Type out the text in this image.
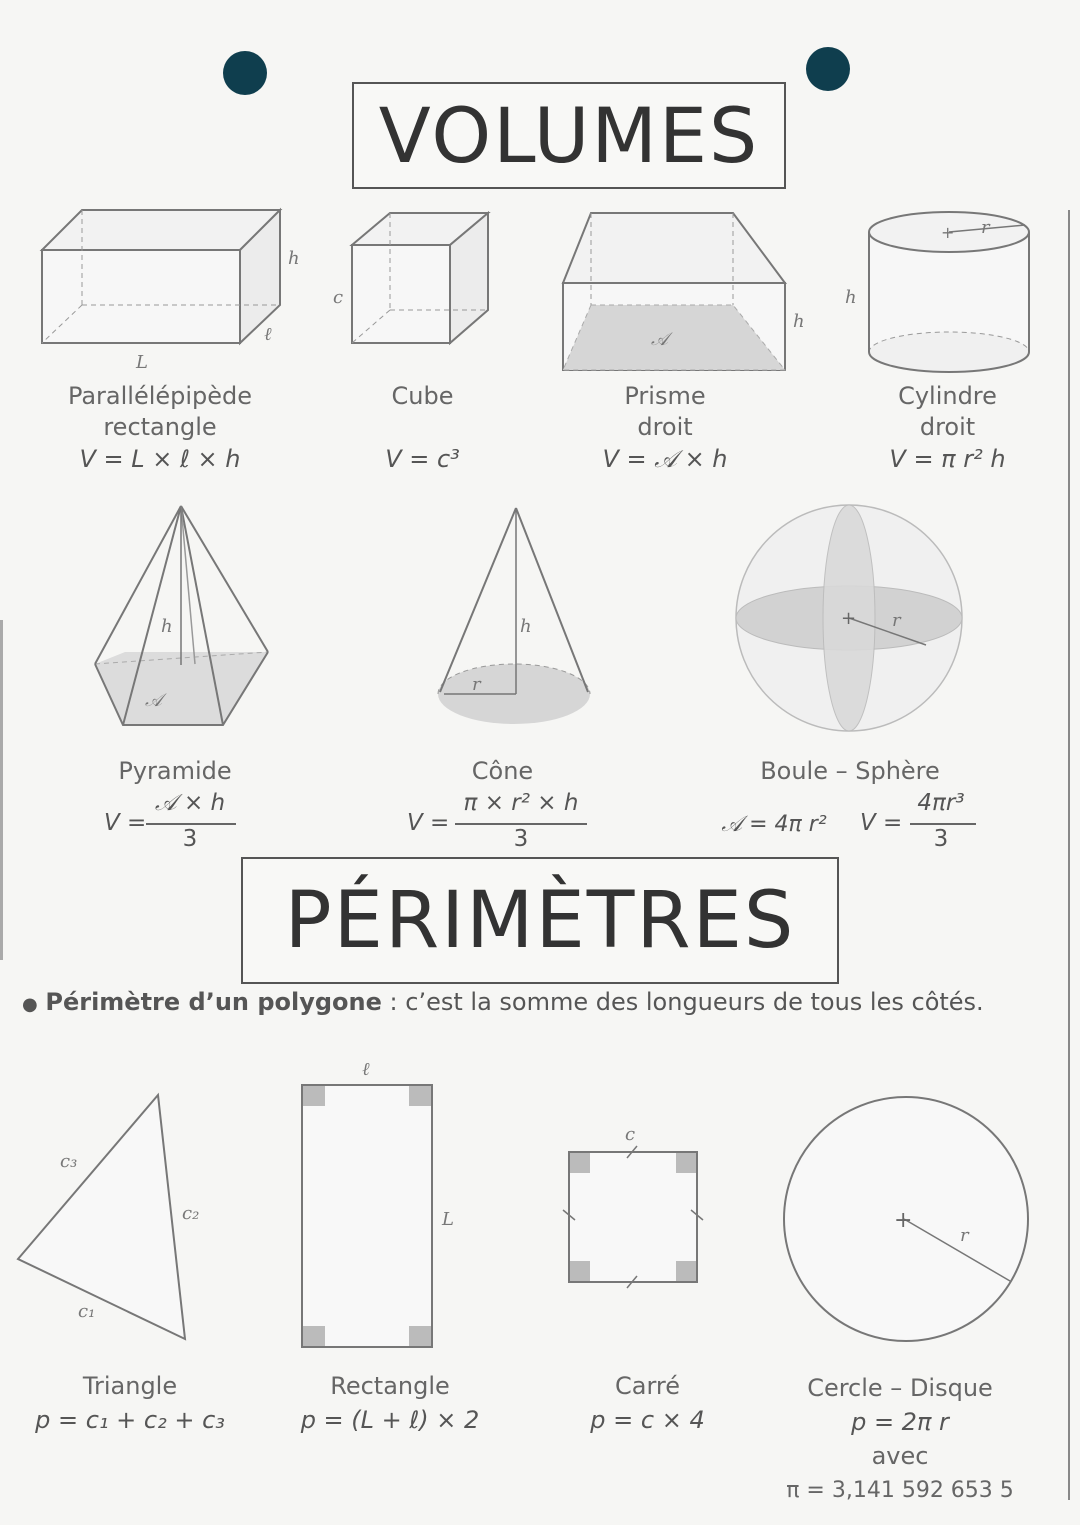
VOLUMES
h
ℓ
L
Parallélépipède rectangle
V = L × ℓ × h
c
Cube
V = c³
𝒜
h
Prisme droit
V = 𝒜 × h
+ r
h
Cylindre droit
V = π r² h
h
𝒜
Pyramide
V =
𝒜 × h
3
h
r
Cône
V =
π × r² × h
3
+ r
Boule – Sphère
𝒜 = 4π r²	V =
4πr³
3
PÉRIMÈTRES
● Périmètre d’un polygone : c’est la somme des longueurs de tous les côtés.
c₃
c₂
c₁
Triangle
p = c₁ + c₂ + c₃
ℓ
L
Rectangle
p = (L + ℓ) × 2
c
Carré
p = c × 4
+
r
Cercle – Disque
p = 2π r
avec
π = 3,141 592 653 5
